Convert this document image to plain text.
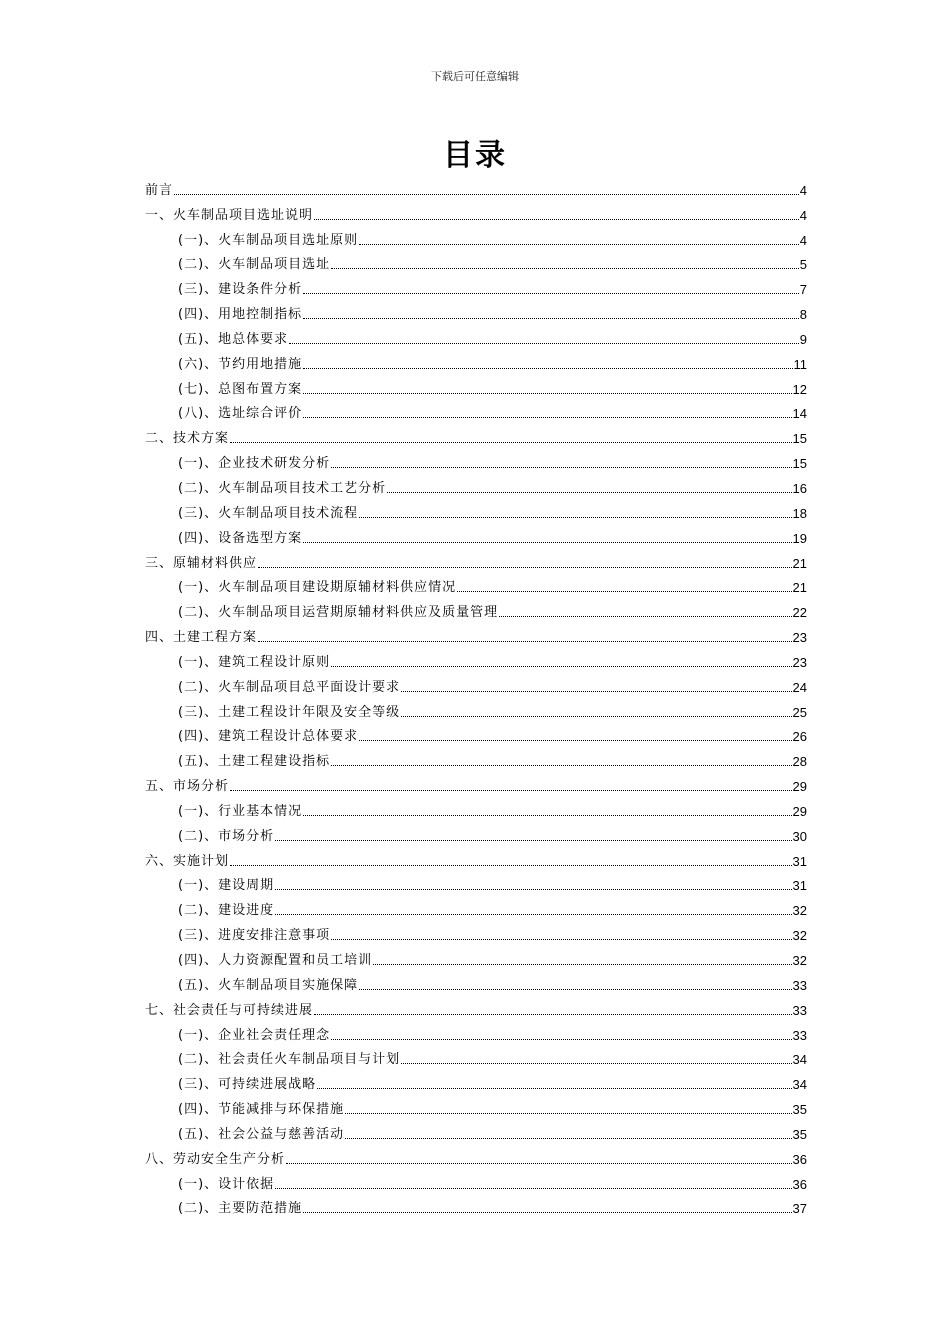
下载后可任意编辑
目录
前言	4
一、火车制品项目选址说明	4
(一)、火车制品项目选址原则	4
(二)、火车制品项目选址	5
(三)、建设条件分析	7
(四)、用地控制指标	8
(五)、地总体要求	9
(六)、节约用地措施	11
(七)、总图布置方案	12
(八)、选址综合评价	14
二、技术方案	15
(一)、企业技术研发分析	15
(二)、火车制品项目技术工艺分析	16
(三)、火车制品项目技术流程	18
(四)、设备选型方案	19
三、原辅材料供应	21
(一)、火车制品项目建设期原辅材料供应情况	21
(二)、火车制品项目运营期原辅材料供应及质量管理	22
四、土建工程方案	23
(一)、建筑工程设计原则	23
(二)、火车制品项目总平面设计要求	24
(三)、土建工程设计年限及安全等级	25
(四)、建筑工程设计总体要求	26
(五)、土建工程建设指标	28
五、市场分析	29
(一)、行业基本情况	29
(二)、市场分析	30
六、实施计划	31
(一)、建设周期	31
(二)、建设进度	32
(三)、进度安排注意事项	32
(四)、人力资源配置和员工培训	32
(五)、火车制品项目实施保障	33
七、社会责任与可持续进展	33
(一)、企业社会责任理念	33
(二)、社会责任火车制品项目与计划	34
(三)、可持续进展战略	34
(四)、节能减排与环保措施	35
(五)、社会公益与慈善活动	35
八、劳动安全生产分析	36
(一)、设计依据	36
(二)、主要防范措施	37
